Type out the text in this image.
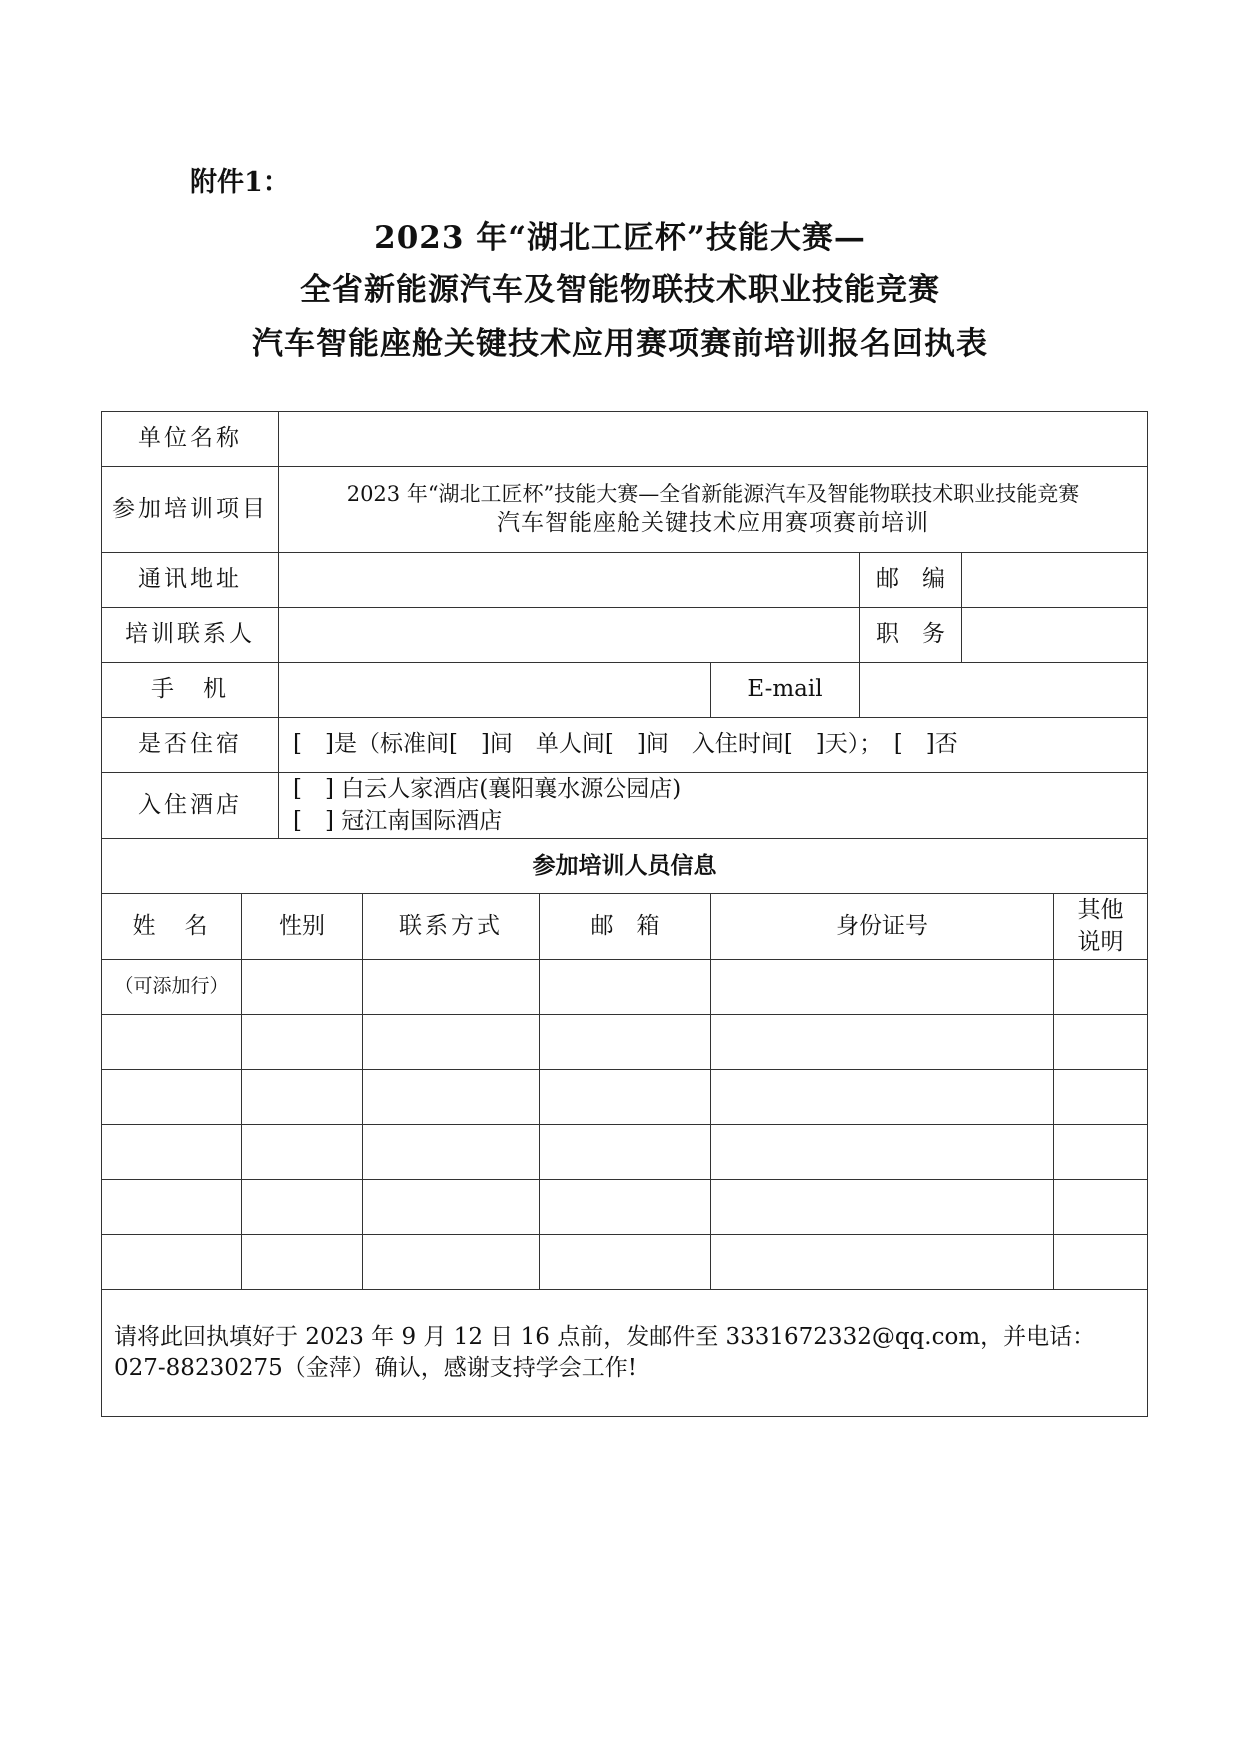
附件1：
2023 年“湖北工匠杯”技能大赛—
全省新能源汽车及智能物联技术职业技能竞赛
汽车智能座舱关键技术应用赛项赛前培训报名回执表
单位名称								
参加培训项目		2023 年“湖北工匠杯”技能大赛—全省新能源汽车及智能物联技术职业技能竞赛
汽车智能座舱关键技术应用赛项赛前培训						

通讯地址						邮　编		
培训联系人						职　务		
手　机					E-mail			
是否住宿		[　]是（标准间[　]间　单人间[　]间　入住时间[　]天）；　[　]否						
入住酒店		[　] 白云人家酒店(襄阳襄水源公园店)
[　] 冠江南国际酒店						

参加培训人员信息								
姓　名	性别		联系方式	邮　箱	身份证号			其他
说明

（可添加行）								

请将此回执填好于 2023 年 9 月 12 日 16 点前，发邮件至 3331672332@qq.com，并电话：
027-88230275（金萍）确认，感谢支持学会工作!								
